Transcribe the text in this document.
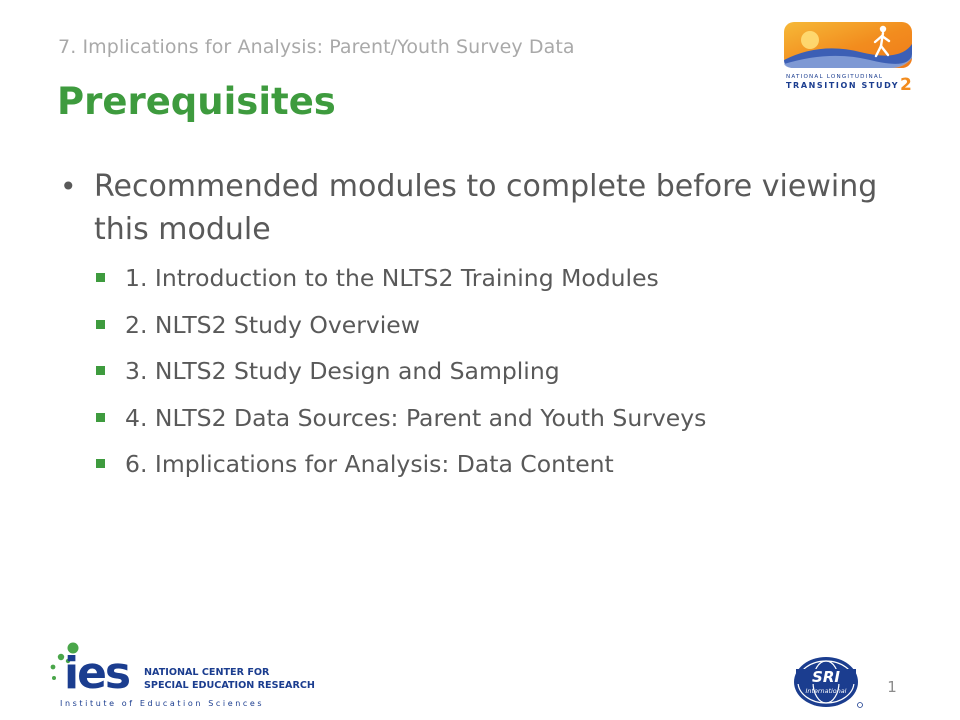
7. Implications for Analysis: Parent/Youth Survey Data
Prerequisites
NATIONAL LONGITUDINAL
TRANSITION STUDY 2
• Recommended modules to complete before viewing this module
1. Introduction to the NLTS2 Training Modules
2. NLTS2 Study Overview
3. NLTS2 Study Design and Sampling
4. NLTS2 Data Sources: Parent and Youth Surveys
6. Implications for Analysis: Data Content
ies NATIONAL CENTER FOR
SPECIAL EDUCATION RESEARCH
Institute of Education Sciences
SRI
International	1
